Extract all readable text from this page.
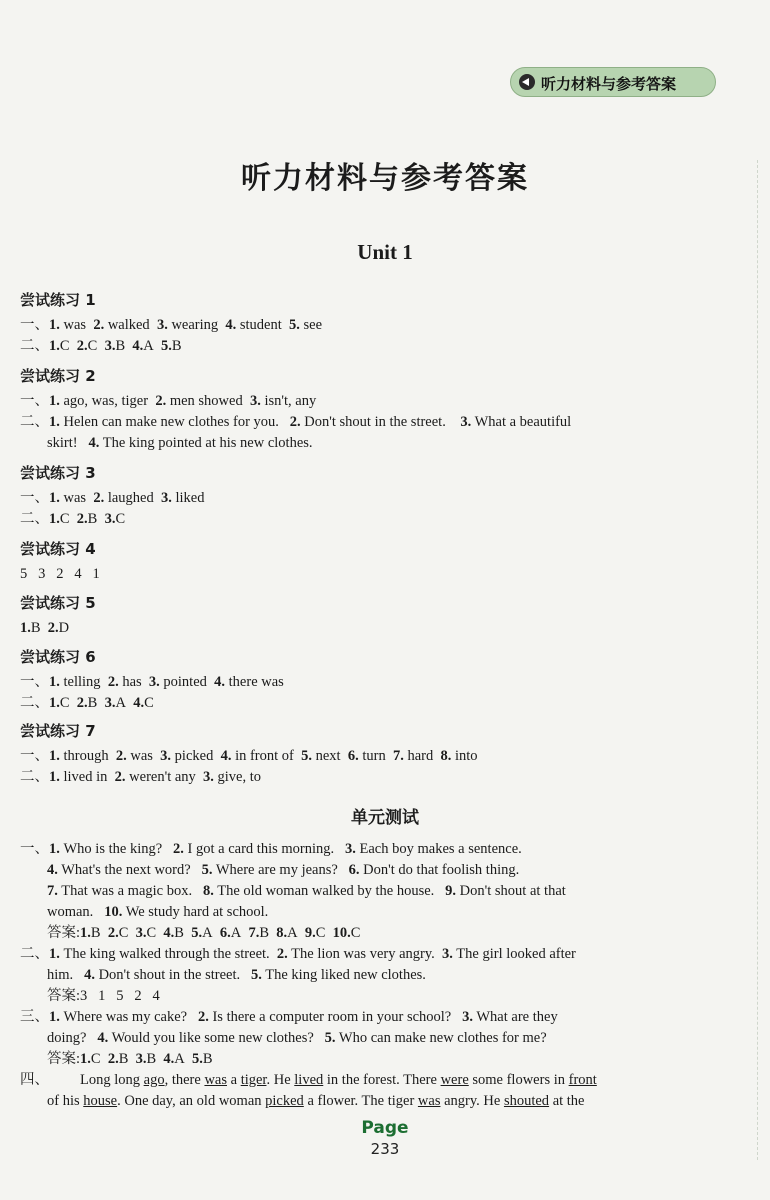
听力材料与参考答案
听力材料与参考答案
Unit 1
尝试练习 1
一、1. was 2. walked 3. wearing 4. student 5. see
二、1.C 2.C 3.B 4.A 5.B
尝试练习 2
一、1. ago, was, tiger 2. men showed 3. isn't, any
二、1. Helen can make new clothes for you. 2. Don't shout in the street. 3. What a beautiful
skirt! 4. The king pointed at his new clothes.
尝试练习 3
一、1. was 2. laughed 3. liked
二、1.C 2.B 3.C
尝试练习 4
5   3   2   4   1
尝试练习 5
1.B 2.D
尝试练习 6
一、1. telling 2. has 3. pointed 4. there was
二、1.C 2.B 3.A 4.C
尝试练习 7
一、1. through 2. was 3. picked 4. in front of 5. next 6. turn 7. hard 8. into
二、1. lived in 2. weren't any 3. give, to
单元测试
一、1. Who is the king? 2. I got a card this morning. 3. Each boy makes a sentence.
4. What's the next word? 5. Where are my jeans? 6. Don't do that foolish thing.
7. That was a magic box. 8. The old woman walked by the house. 9. Don't shout at that
woman. 10. We study hard at school.
答案:1.B 2.C 3.C 4.B 5.A 6.A 7.B 8.A 9.C 10.C
二、1. The king walked through the street. 2. The lion was very angry. 3. The girl looked after
him. 4. Don't shout in the street. 5. The king liked new clothes.
答案:3   1   5   2   4
三、1. Where was my cake? 2. Is there a computer room in your school? 3. What are they
doing? 4. Would you like some new clothes? 5. Who can make new clothes for me?
答案:1.C 2.B 3.B 4.A 5.B
四、 Long long ago, there was a tiger. He lived in the forest. There were some flowers in front
of his house. One day, an old woman picked a flower. The tiger was angry. He shouted at the
Page
233
